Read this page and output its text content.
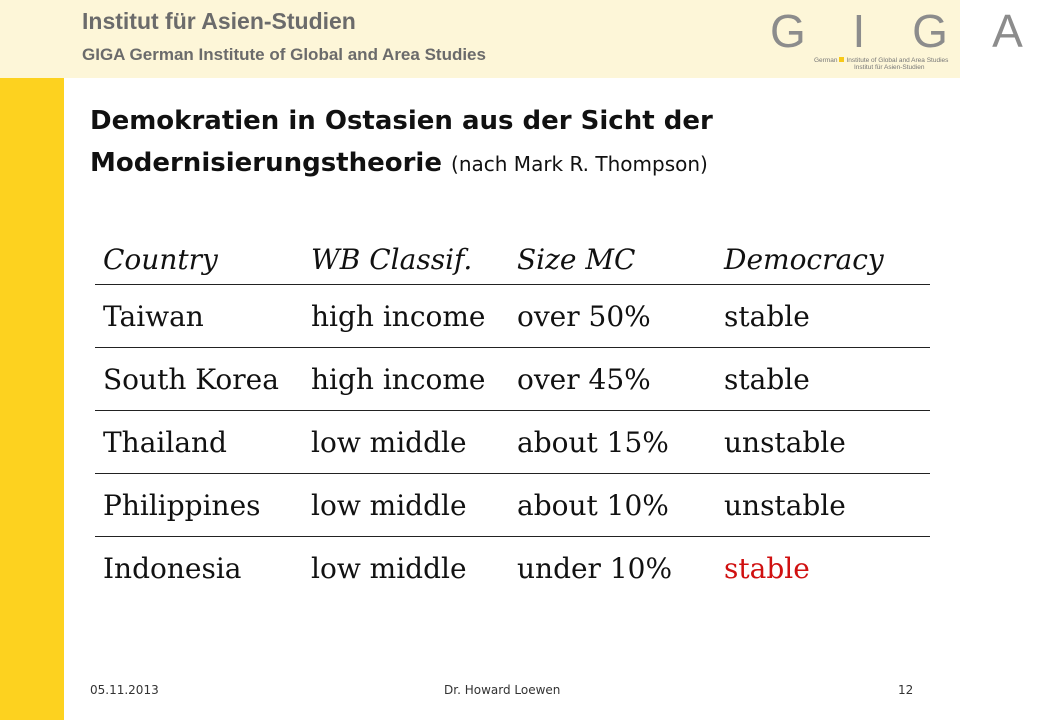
Institut für Asien-Studien
GIGA German Institute of Global and Area Studies	G I G A
German Institute of Global and Area Studies
Institut für Asien-Studien
Demokratien in Ostasien aus der Sicht der Modernisierungstheorie (nach Mark R. Thompson)
Country	WB Classif.	Size MC	Democracy
Taiwan	high income	over 50%	stable
South Korea	high income	over 45%	stable
Thailand	low middle	about 15%	unstable
Philippines	low middle	about 10%	unstable
Indonesia	low middle	under 10%	stable
05.11.2013	Dr. Howard Loewen	12
